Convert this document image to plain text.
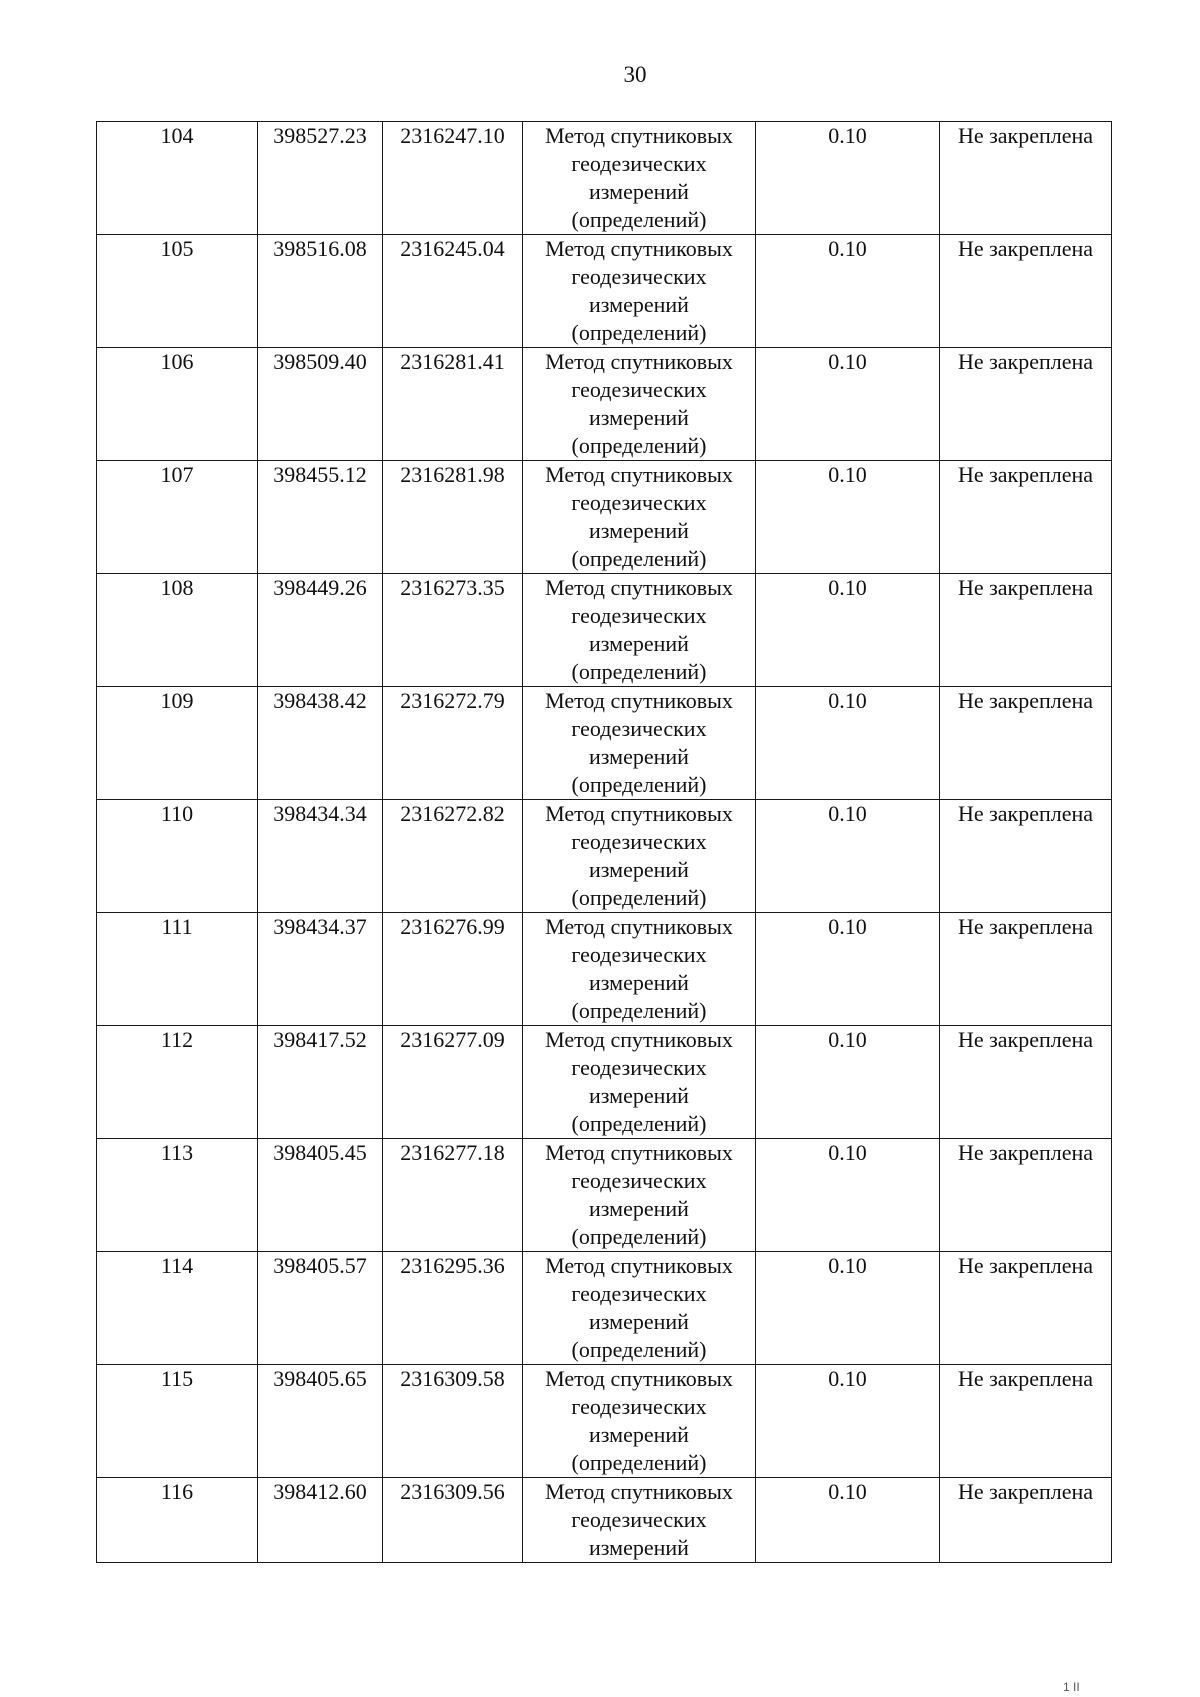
30
104	398527.23	2316247.10	Метод спутниковых
геодезических
измерений
(определений)	0.10	Не закреплена
105	398516.08	2316245.04	Метод спутниковых
геодезических
измерений
(определений)	0.10	Не закреплена
106	398509.40	2316281.41	Метод спутниковых
геодезических
измерений
(определений)	0.10	Не закреплена
107	398455.12	2316281.98	Метод спутниковых
геодезических
измерений
(определений)	0.10	Не закреплена
108	398449.26	2316273.35	Метод спутниковых
геодезических
измерений
(определений)	0.10	Не закреплена
109	398438.42	2316272.79	Метод спутниковых
геодезических
измерений
(определений)	0.10	Не закреплена
110	398434.34	2316272.82	Метод спутниковых
геодезических
измерений
(определений)	0.10	Не закреплена
111	398434.37	2316276.99	Метод спутниковых
геодезических
измерений
(определений)	0.10	Не закреплена
112	398417.52	2316277.09	Метод спутниковых
геодезических
измерений
(определений)	0.10	Не закреплена
113	398405.45	2316277.18	Метод спутниковых
геодезических
измерений
(определений)	0.10	Не закреплена
114	398405.57	2316295.36	Метод спутниковых
геодезических
измерений
(определений)	0.10	Не закреплена
115	398405.65	2316309.58	Метод спутниковых
геодезических
измерений
(определений)	0.10	Не закреплена
116	398412.60	2316309.56	Метод спутниковых
геодезических
измерений	0.10	Не закреплена
1 II
